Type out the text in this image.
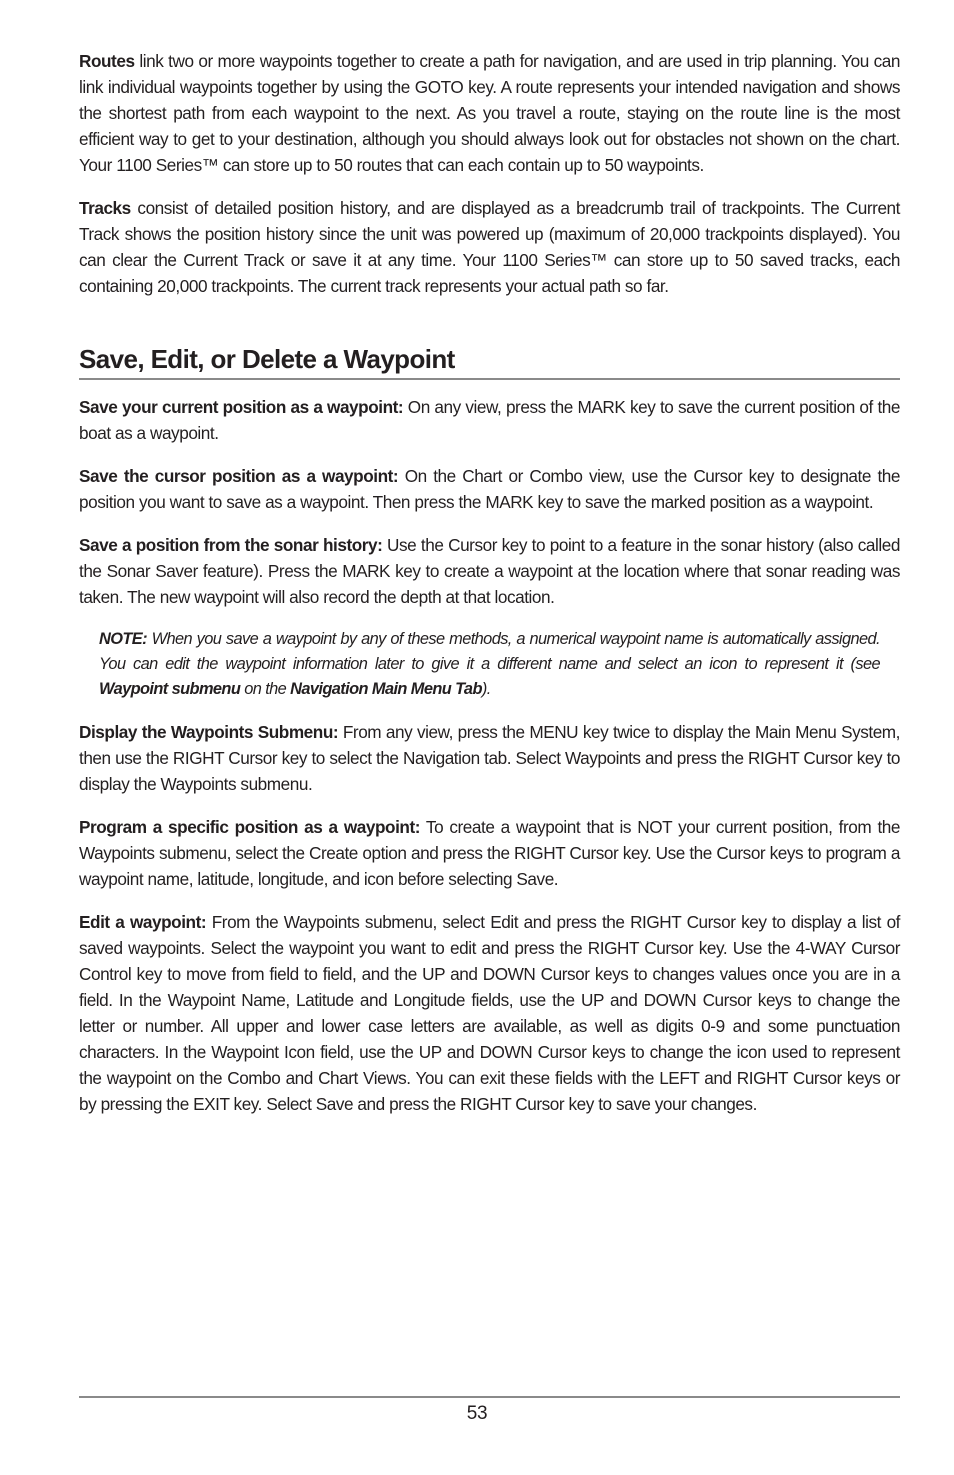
Routes link two or more waypoints together to create a path for navigation, and are used in trip planning. You can link individual waypoints together by using the GOTO key. A route represents your intended navigation and shows the shortest path from each waypoint to the next. As you travel a route, staying on the route line is the most efficient way to get to your destination, although you should always look out for obstacles not shown on the chart. Your 1100 Series™ can store up to 50 routes that can each contain up to 50 waypoints.

Tracks consist of detailed position history, and are displayed as a breadcrumb trail of trackpoints. The Current Track shows the position history since the unit was powered up (maximum of 20,000 trackpoints displayed). You can clear the Current Track or save it at any time. Your 1100 Series™ can store up to 50 saved tracks, each containing 20,000 trackpoints. The current track represents your actual path so far.

Save, Edit, or Delete a Waypoint

Save your current position as a waypoint: On any view, press the MARK key to save the current position of the boat as a waypoint.

Save the cursor position as a waypoint: On the Chart or Combo view, use the Cursor key to designate the position you want to save as a waypoint. Then press the MARK key to save the marked position as a waypoint.

Save a position from the sonar history: Use the Cursor key to point to a feature in the sonar history (also called the Sonar Saver feature). Press the MARK key to create a waypoint at the location where that sonar reading was taken. The new waypoint will also record the depth at that location.

NOTE: When you save a waypoint by any of these methods, a numerical waypoint name is automatically assigned. You can edit the waypoint information later to give it a different name and select an icon to represent it (see Waypoint submenu on the Navigation Main Menu Tab).

Display the Waypoints Submenu: From any view, press the MENU key twice to display the Main Menu System, then use the RIGHT Cursor key to select the Navigation tab. Select Waypoints and press the RIGHT Cursor key to display the Waypoints submenu.

Program a specific position as a waypoint: To create a waypoint that is NOT your current position, from the Waypoints submenu, select the Create option and press the RIGHT Cursor key. Use the Cursor keys to program a waypoint name, latitude, longitude, and icon before selecting Save.

Edit a waypoint: From the Waypoints submenu, select Edit and press the RIGHT Cursor key to display a list of saved waypoints. Select the waypoint you want to edit and press the RIGHT Cursor key. Use the 4-WAY Cursor Control key to move from field to field, and the UP and DOWN Cursor keys to changes values once you are in a field. In the Waypoint Name, Latitude and Longitude fields, use the UP and DOWN Cursor keys to change the letter or number. All upper and lower case letters are available, as well as digits 0-9 and some punctuation characters. In the Waypoint Icon field, use the UP and DOWN Cursor keys to change the icon used to represent the waypoint on the Combo and Chart Views. You can exit these fields with the LEFT and RIGHT Cursor keys or by pressing the EXIT key. Select Save and press the RIGHT Cursor key to save your changes.

53
